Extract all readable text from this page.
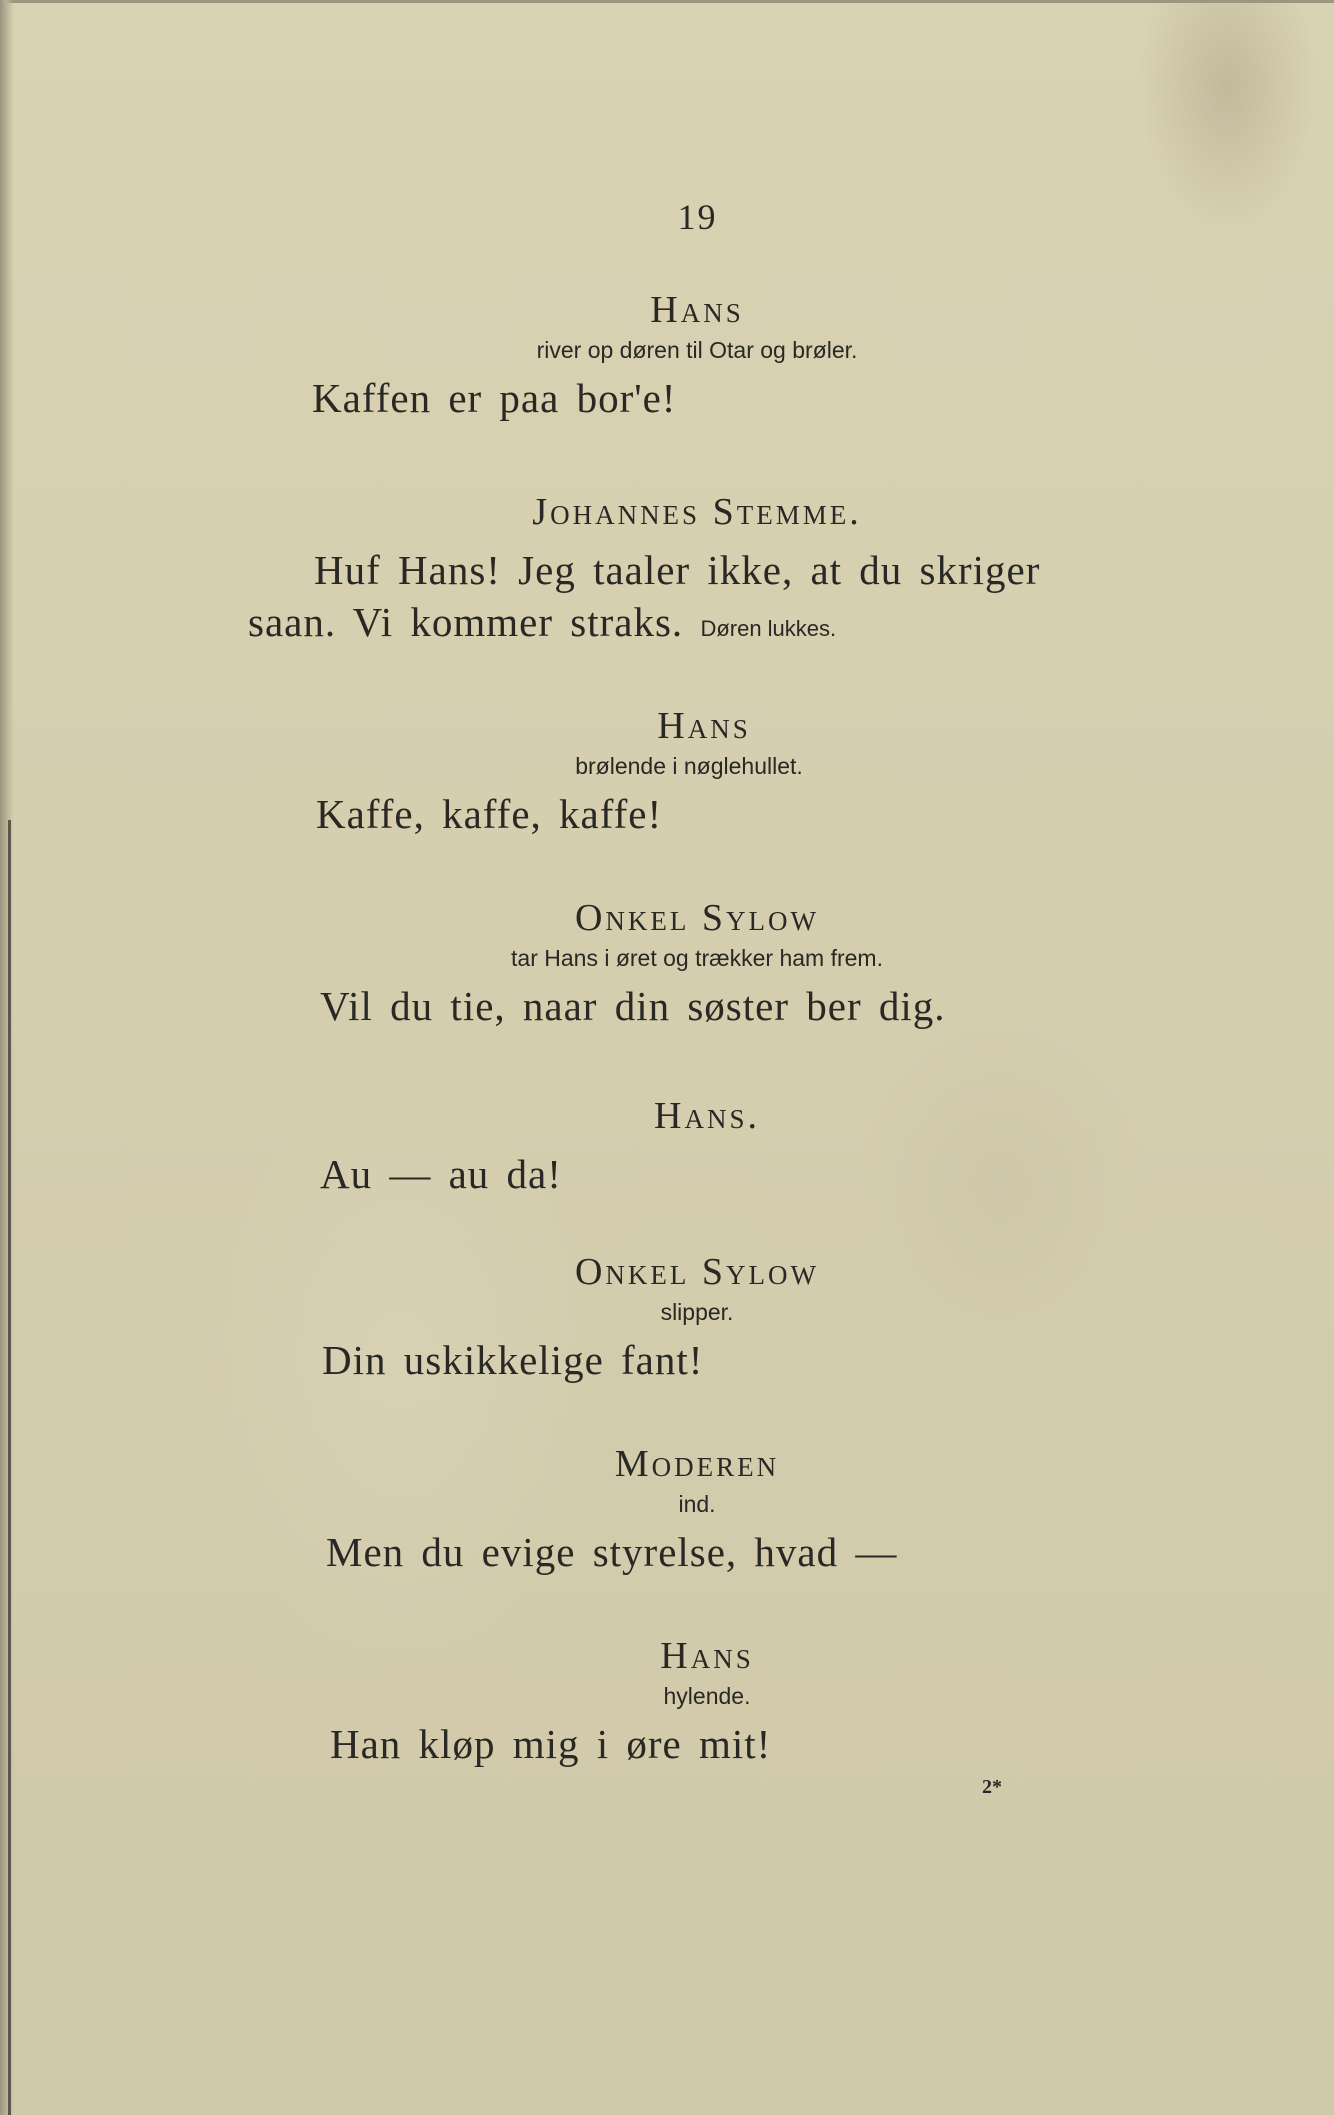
19
Hans
river op døren til Otar og brøler.
Kaffen er paa bor'e!
Johannes Stemme.
Huf Hans! Jeg taaler ikke, at du skriger
saan. Vi kommer straks. Døren lukkes.
Hans
brølende i nøglehullet.
Kaffe, kaffe, kaffe!
Onkel Sylow
tar Hans i øret og trækker ham frem.
Vil du tie, naar din søster ber dig.
Hans.
Au — au da!
Onkel Sylow
slipper.
Din uskikkelige fant!
Moderen
ind.
Men du evige styrelse, hvad —
Hans
hylende.
Han kløp mig i øre mit!
2*
